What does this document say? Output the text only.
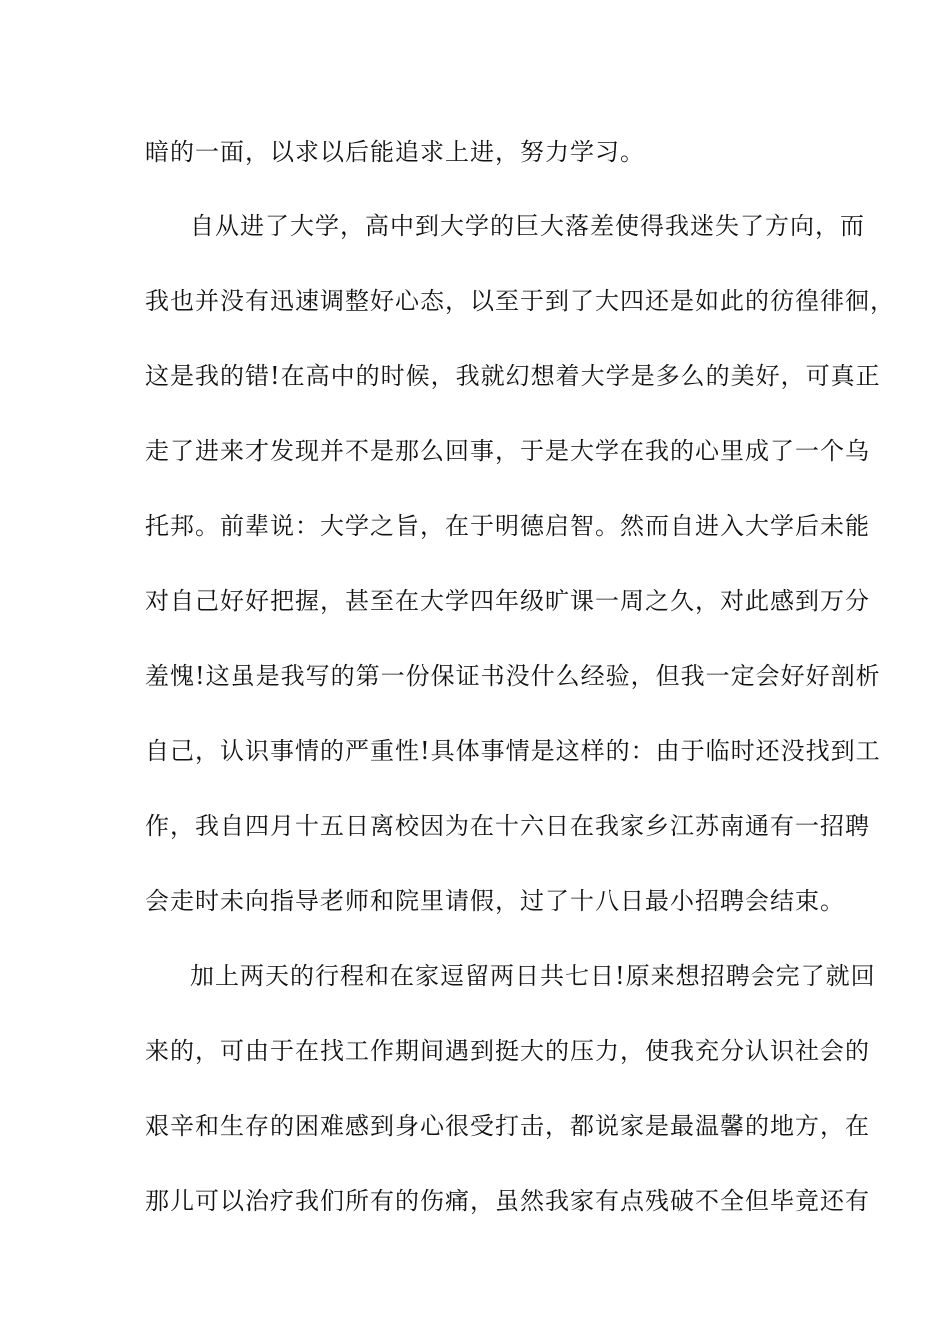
暗的一面，以求以后能追求上进，努力学习。
自从进了大学，高中到大学的巨大落差使得我迷失了方向，而
我也并没有迅速调整好心态，以至于到了大四还是如此的彷徨徘徊，
这是我的错!在高中的时候，我就幻想着大学是多么的美好，可真正
走了进来才发现并不是那么回事，于是大学在我的心里成了一个乌
托邦。前辈说：大学之旨，在于明德启智。然而自进入大学后未能
对自己好好把握，甚至在大学四年级旷课一周之久，对此感到万分
羞愧!这虽是我写的第一份保证书没什么经验，但我一定会好好剖析
自己，认识事情的严重性!具体事情是这样的：由于临时还没找到工
作，我自四月十五日离校因为在十六日在我家乡江苏南通有一招聘
会走时未向指导老师和院里请假，过了十八日最小招聘会结束。
加上两天的行程和在家逗留两日共七日!原来想招聘会完了就回
来的，可由于在找工作期间遇到挺大的压力，使我充分认识社会的
艰辛和生存的困难感到身心很受打击，都说家是最温馨的地方，在
那儿可以治疗我们所有的伤痛，虽然我家有点残破不全但毕竟还有
